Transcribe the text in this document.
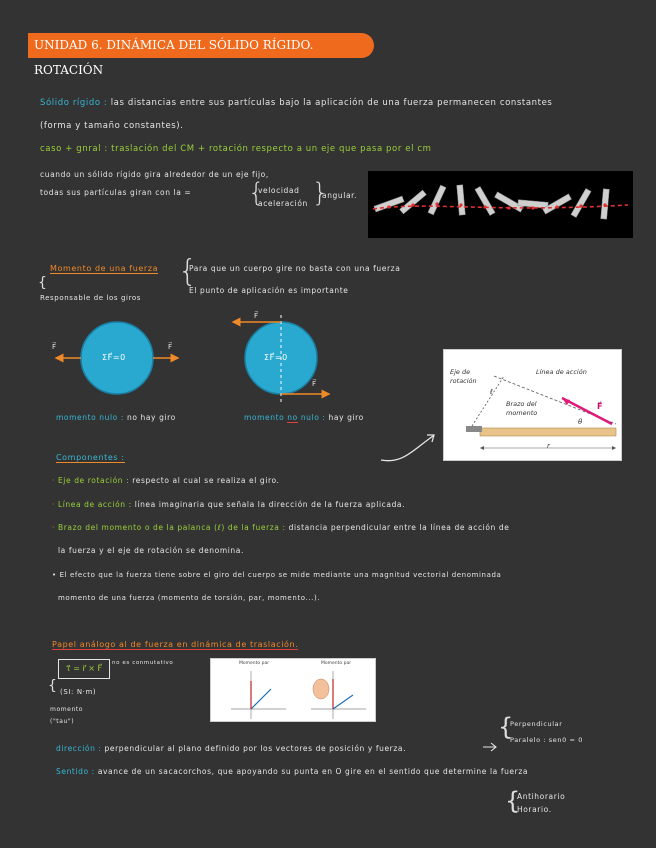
UNIDAD 6. DINÁMICA DEL SÓLIDO RÍGIDO. ROTACIÓN
Sólido rígido : las distancias entre sus partículas bajo la aplicación de una fuerza permanecen constantes
(forma y tamaño constantes).
caso + gnral : traslación del CM + rotación respecto a un eje que pasa por el cm
cuando un sólido rígido gira alrededor de un eje fijo,
todas sus partículas giran con la = {
velocidad
aceleración }
angular.
Momento de una fuerza {
Para que un cuerpo gire no basta con una fuerza
El punto de aplicación es importante
{
Responsable de los giros
ΣF⃗=0
F⃗	F⃗
ΣF⃗=0
F⃗
F⃗
momento nulo : no hay giro	momento no nulo : hay giro
Eje de rotación
Línea de acción
Brazo del momento
ℓ
F⃗
θ
r
Componentes :
· Eje de rotación : respecto al cual se realiza el giro.
· Línea de acción : línea imaginaria que señala la dirección de la fuerza aplicada.
· Brazo del momento o de la palanca (ℓ) de la fuerza : distancia perpendicular entre la línea de acción de
la fuerza y el eje de rotación se denomina.
• El efecto que la fuerza tiene sobre el giro del cuerpo se mide mediante una magnitud vectorial denominada
momento de una fuerza (momento de torsión, par, momento...).
Papel análogo al de fuerza en dinámica de traslación.
τ⃗ = r⃗ × F⃗
no es conmutativo
{ (SI: N·m)
momento
("tau")
Momento par	Momento par
{
Perpendicular
Paralelo : sen0 = 0
dirección : perpendicular al plano definido por los vectores de posición y fuerza.
Sentido : avance de un sacacorchos, que apoyando su punta en O gire en el sentido que determine la fuerza
{
Antihorario
Horario.
